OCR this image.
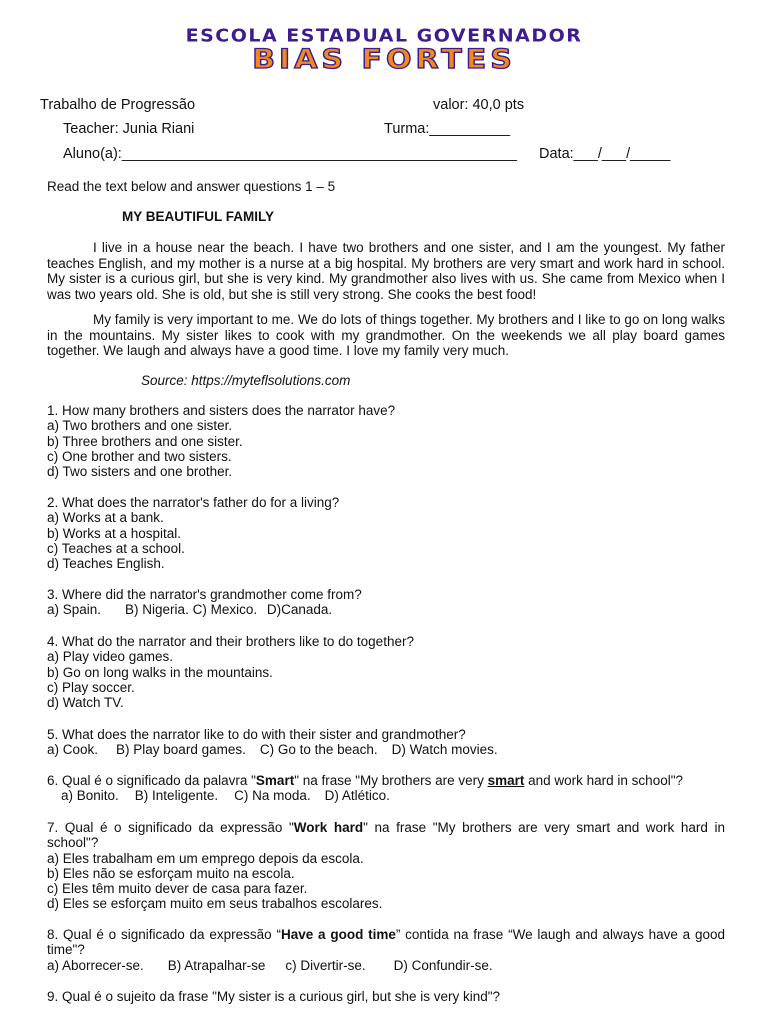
ESCOLA ESTADUAL GOVERNADOR
BIAS FORTES
Trabalho de Progressão	valor: 40,0 pts
Teacher: Junia Riani	Turma:__________
Aluno(a):_________________________________________________ Data:___/___/_____
Read the text below and answer questions 1 – 5
MY BEAUTIFUL FAMILY
I live in a house near the beach. I have two brothers and one sister, and I am the youngest. My father teaches English, and my mother is a nurse at a big hospital. My brothers are very smart and work hard in school. My sister is a curious girl, but she is very kind. My grandmother also lives with us. She came from Mexico when I was two years old. She is old, but she is still very strong. She cooks the best food!
My family is very important to me. We do lots of things together. My brothers and I like to go on long walks in the mountains. My sister likes to cook with my grandmother. On the weekends we all play board games together. We laugh and always have a good time. I love my family very much.
Source: https://myteflsolutions.com
1. How many brothers and sisters does the narrator have?
a) Two brothers and one sister.
b) Three brothers and one sister.
c) One brother and two sisters.
d) Two sisters and one brother.
2. What does the narrator's father do for a living?
a) Works at a bank.
b) Works at a hospital.
c) Teaches at a school.
d) Teaches English.
3. Where did the narrator's grandmother come from?
a) Spain. B) Nigeria. C) Mexico. D)Canada.
4. What do the narrator and their brothers like to do together?
a) Play video games.
b) Go on long walks in the mountains.
c) Play soccer.
d) Watch TV.
5. What does the narrator like to do with their sister and grandmother?
a) Cook. B) Play board games. C) Go to the beach. D) Watch movies.
6. Qual é o significado da palavra "Smart" na frase "My brothers are very smart and work hard in school"?
a) Bonito. B) Inteligente. C) Na moda. D) Atlético.
7. Qual é o significado da expressão "Work hard" na frase "My brothers are very smart and work hard in school"?
a) Eles trabalham em um emprego depois da escola.
b) Eles não se esforçam muito na escola.
c) Eles têm muito dever de casa para fazer.
d) Eles se esforçam muito em seus trabalhos escolares.
8. Qual é o significado da expressão “Have a good time” contida na frase “We laugh and always have a good time"?
a) Aborrecer-se. B) Atrapalhar-se c) Divertir-se. D) Confundir-se.
9. Qual é o sujeito da frase "My sister is a curious girl, but she is very kind"?
